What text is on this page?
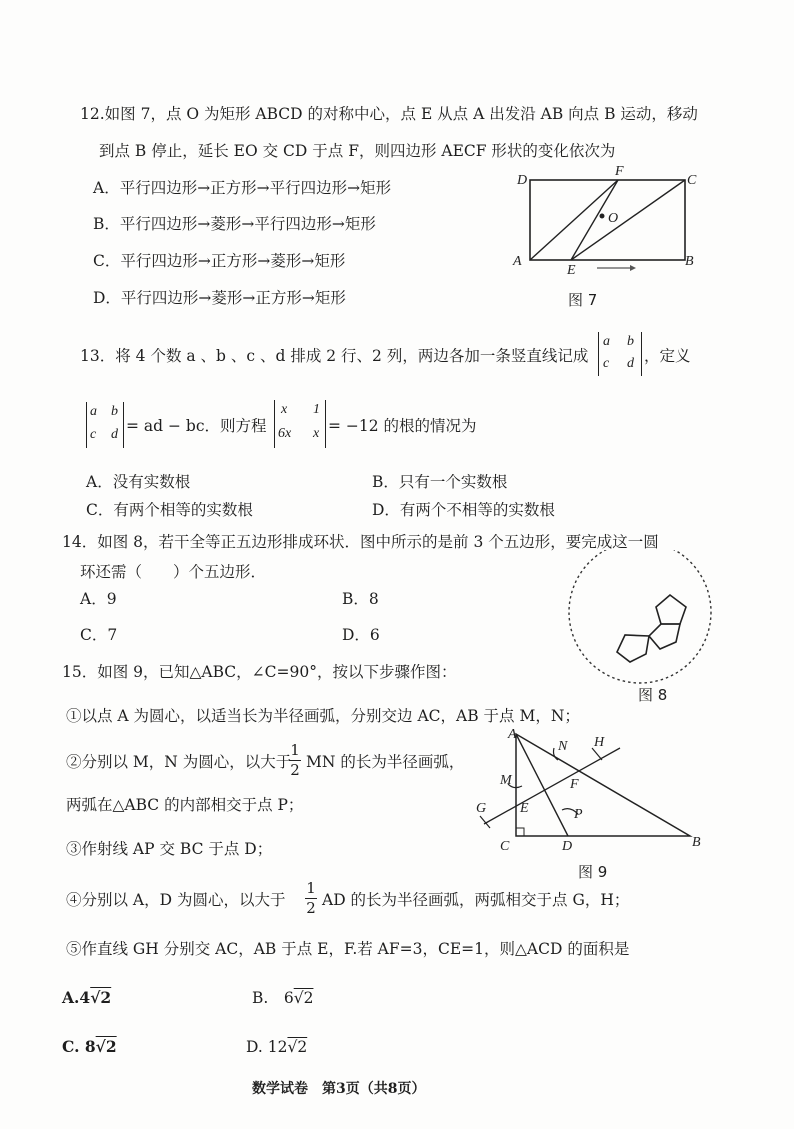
12.如图 7，点 O 为矩形 ABCD 的对称中心，点 E 从点 A 出发沿 AB 向点 B 运动，移动
到点 B 停止，延长 EO 交 CD 于点 F，则四边形 AECF 形状的变化依次为
A．平行四边形→正方形→平行四边形→矩形
B．平行四边形→菱形→平行四边形→矩形
C．平行四边形→正方形→菱形→矩形
D．平行四边形→菱形→正方形→矩形
D
F
C
O
A
E
B
图 7
13．将 4 个数 a 、b 、c 、d 排成 2 行、2 列，两边各加一条竖直线记成
a b
c d ，定义
a b
c d = ad − bc．则方程
x 1
6x x = −12 的根的情况为
A．没有实数根	B．只有一个实数根
C．有两个相等的实数根	D．有两个不相等的实数根
14．如图 8，若干全等正五边形排成环状．图中所示的是前 3 个五边形，要完成这一圆
环还需（　　）个五边形．
A．9	B．8
C．7	D．6
图 8
15．如图 9，已知△ABC，∠C=90°，按以下步骤作图：
①以点 A 为圆心，以适当长为半径画弧，分别交边 AC，AB 于点 M，N；
②分别以 M，N 为圆心，以大于
1
2 MN 的长为半径画弧，
两弧在△ABC 的内部相交于点 P；
③作射线 AP 交 BC 于点 D；
④分别以 A，D 为圆心，以大于
1
2 AD 的长为半径画弧，两弧相交于点 G，H；
⑤作直线 GH 分别交 AC，AB 于点 E，F.若 AF=3，CE=1，则△ACD 的面积是
A.4√2	B.　6√2
C. 8√2	D. 12√2
A
N H
M	F
G E	P
C	D	B
图 9
数学试卷　第3页（共8页）
